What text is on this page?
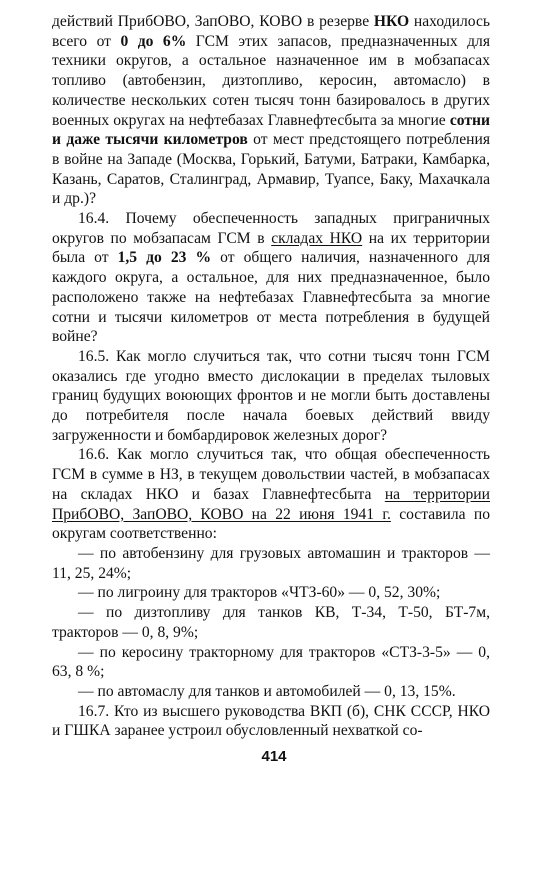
действий ПрибОВО, ЗапОВО, КОВО в резерве НКО находилось всего от 0 до 6% ГСМ этих запасов, предназначенных для техники округов, а остальное назначенное им в мобзапасах топливо (автобензин, дизтопливо, керосин, автомасло) в количестве нескольких сотен тысяч тонн базировалось в других военных округах на нефтебазах Главнефтесбыта за многие сотни и даже тысячи километров от мест предстоящего потребления в войне на Западе (Москва, Горький, Батуми, Батраки, Камбарка, Казань, Саратов, Сталинград, Армавир, Туапсе, Баку, Махачкала и др.)?

16.4. Почему обеспеченность западных приграничных округов по мобзапасам ГСМ в складах НКО на их территории была от 1,5 до 23 % от общего наличия, назначенного для каждого округа, а остальное, для них предназначенное, было расположено также на нефтебазах Главнефтесбыта за многие сотни и тысячи километров от места потребления в будущей войне?

16.5. Как могло случиться так, что сотни тысяч тонн ГСМ оказались где угодно вместо дислокации в пределах тыловых границ будущих воюющих фронтов и не могли быть доставлены до потребителя после начала боевых действий ввиду загруженности и бомбардировок железных дорог?

16.6. Как могло случиться так, что общая обеспеченность ГСМ в сумме в НЗ, в текущем довольствии частей, в мобзапасах на складах НКО и базах Главнефтесбыта на территории ПрибОВО, ЗапОВО, КОВО на 22 июня 1941 г. составила по округам соответственно:

— по автобензину для грузовых автомашин и тракторов — 11, 25, 24%;

— по лигроину для тракторов «ЧТЗ-60» — 0, 52, 30%;

— по дизтопливу для танков КВ, Т-34, Т-50, БТ-7м, тракторов — 0, 8, 9%;

— по керосину тракторному для тракторов «СТЗ-3-5» — 0, 63, 8 %;

— по автомаслу для танков и автомобилей — 0, 13, 15%.

16.7. Кто из высшего руководства ВКП (б), СНК СССР, НКО и ГШКА заранее устроил обусловленный нехваткой со-

414
